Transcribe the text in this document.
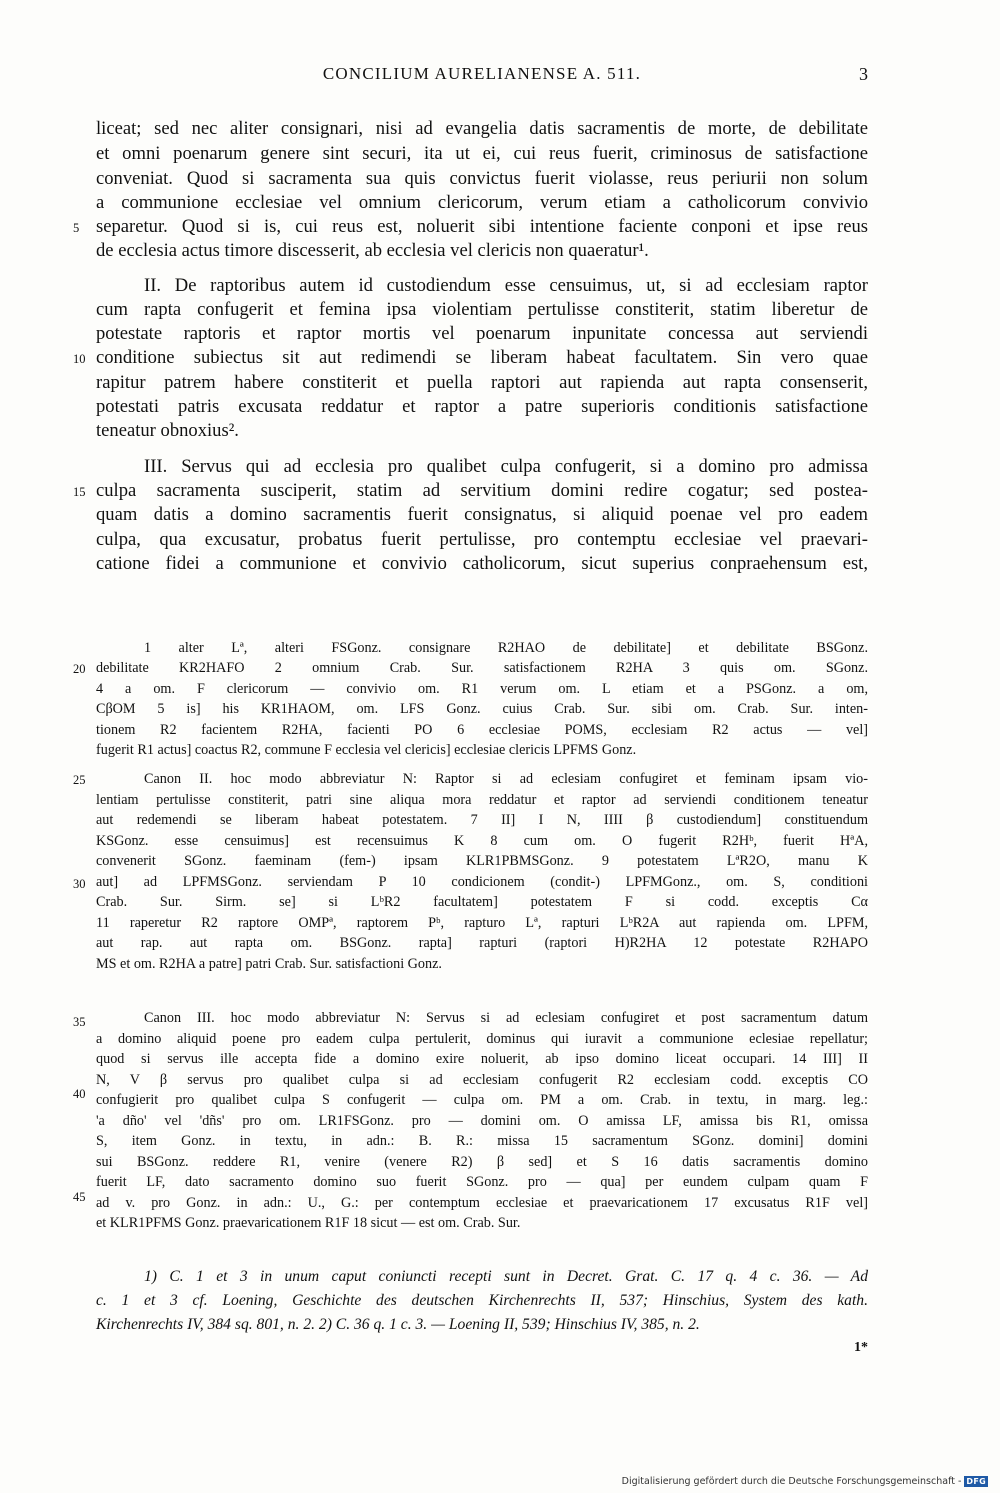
CONCILIUM AURELIANENSE A. 511.	3
liceat; sed nec aliter consignari, nisi ad evangelia datis sacramentis de morte, de debilitate
et omni poenarum genere sint securi, ita ut ei, cui reus fuerit, criminosus de satisfactione
conveniat. Quod si sacramenta sua quis convictus fuerit violasse, reus periurii non solum
a communione ecclesiae vel omnium clericorum, verum etiam a catholicorum convivio
separetur. Quod si is, cui reus est, noluerit sibi intentione faciente conponi et ipse reus
de ecclesia actus timore discesserit, ab ecclesia vel clericis non quaeratur¹.
II. De raptoribus autem id custodiendum esse censuimus, ut, si ad ecclesiam raptor
cum rapta confugerit et femina ipsa violentiam pertulisse constiterit, statim liberetur de
potestate raptoris et raptor mortis vel poenarum inpunitate concessa aut serviendi
conditione subiectus sit aut redimendi se liberam habeat facultatem. Sin vero quae
rapitur patrem habere constiterit et puella raptori aut rapienda aut rapta consenserit,
potestati patris excusata reddatur et raptor a patre superioris conditionis satisfactione
teneatur obnoxius².
III. Servus qui ad ecclesia pro qualibet culpa confugerit, si a domino pro admissa
culpa sacramenta susciperit, statim ad servitium domini redire cogatur; sed postea-
quam datis a domino sacramentis fuerit consignatus, si aliquid poenae vel pro eadem
culpa, qua excusatur, probatus fuerit pertulisse, pro contemptu ecclesiae vel praevari-
catione fidei a communione et convivio catholicorum, sicut superius conpraehensum est,
5
10
15
20
25
30
35
40
45
1 alter Lª, alteri FSGonz. consignare R2HAO de debilitate] et debilitate BSGonz.
debilitate KR2HAFO 2 omnium Crab. Sur. satisfactionem R2HA 3 quis om. SGonz.
4 a om. F clericorum — convivio om. R1 verum om. L etiam et a PSGonz. a om,
CβOM 5 is] his KR1HAOM, om. LFS Gonz. cuius Crab. Sur. sibi om. Crab. Sur. inten-
tionem R2 facientem R2HA, facienti PO 6 ecclesiae POMS, ecclesiam R2 actus — vel]
fugerit R1 actus] coactus R2, commune F ecclesia vel clericis] ecclesiae clericis LPFMS Gonz.
Canon II. hoc modo abbreviatur N: Raptor si ad eclesiam confugiret et feminam ipsam vio-
lentiam pertulisse constiterit, patri sine aliqua mora reddatur et raptor ad serviendi conditionem teneatur
aut redemendi se liberam habeat potestatem. 7 II] I N, IIII β custodiendum] constituendum
KSGonz. esse censuimus] est recensuimus K 8 cum om. O fugerit R2Hᵇ, fuerit HªA,
convenerit SGonz. faeminam (fem-) ipsam KLR1PBMSGonz. 9 potestatem LªR2O, manu K
aut] ad LPFMSGonz. serviendam P 10 condicionem (condit-) LPFMGonz., om. S, conditioni
Crab. Sur. Sirm. se] si LᵇR2 facultatem] potestatem F si codd. exceptis Cα
11 raperetur R2 raptore OMPª, raptorem Pᵇ, rapturo Lª, rapturi LᵇR2A aut rapienda om. LPFM,
aut rap. aut rapta om. BSGonz. rapta] rapturi (raptori H)R2HA 12 potestate R2HAPO
MS et om. R2HA a patre] patri Crab. Sur. satisfactioni Gonz.
Canon III. hoc modo abbreviatur N: Servus si ad eclesiam confugiret et post sacramentum datum
a domino aliquid poene pro eadem culpa pertulerit, dominus qui iuravit a communione eclesiae repellatur;
quod si servus ille accepta fide a domino exire noluerit, ab ipso domino liceat occupari. 14 III] II
N, V β servus pro qualibet culpa si ad ecclesiam confugerit R2 ecclesiam codd. exceptis CO
confugierit pro qualibet culpa S confugerit — culpa om. PM a om. Crab. in textu, in marg. leg.:
'a dño' vel 'dñs' pro om. LR1FSGonz. pro — domini om. O amissa LF, amissa bis R1, omissa
S, item Gonz. in textu, in adn.: B. R.: missa 15 sacramentum SGonz. domini] domini
sui BSGonz. reddere R1, venire (venere R2) β sed] et S 16 datis sacramentis domino
fuerit LF, dato sacramento domino suo fuerit SGonz. pro — qua] per eundem culpam quam F
ad v. pro Gonz. in adn.: U., G.: per contemptum ecclesiae et praevaricationem 17 excusatus R1F vel]
et KLR1PFMS Gonz. praevaricationem R1F 18 sicut — est om. Crab. Sur.
1) C. 1 et 3 in unum caput coniuncti recepti sunt in Decret. Grat. C. 17 q. 4 c. 36. — Ad
c. 1 et 3 cf. Loening, Geschichte des deutschen Kirchenrechts II, 537; Hinschius, System des kath.
Kirchenrechts IV, 384 sq. 801, n. 2. 2) C. 36 q. 1 c. 3. — Loening II, 539; Hinschius IV, 385, n. 2.
1*
Digitalisierung gefördert durch die Deutsche Forschungsgemeinschaft - DFG
